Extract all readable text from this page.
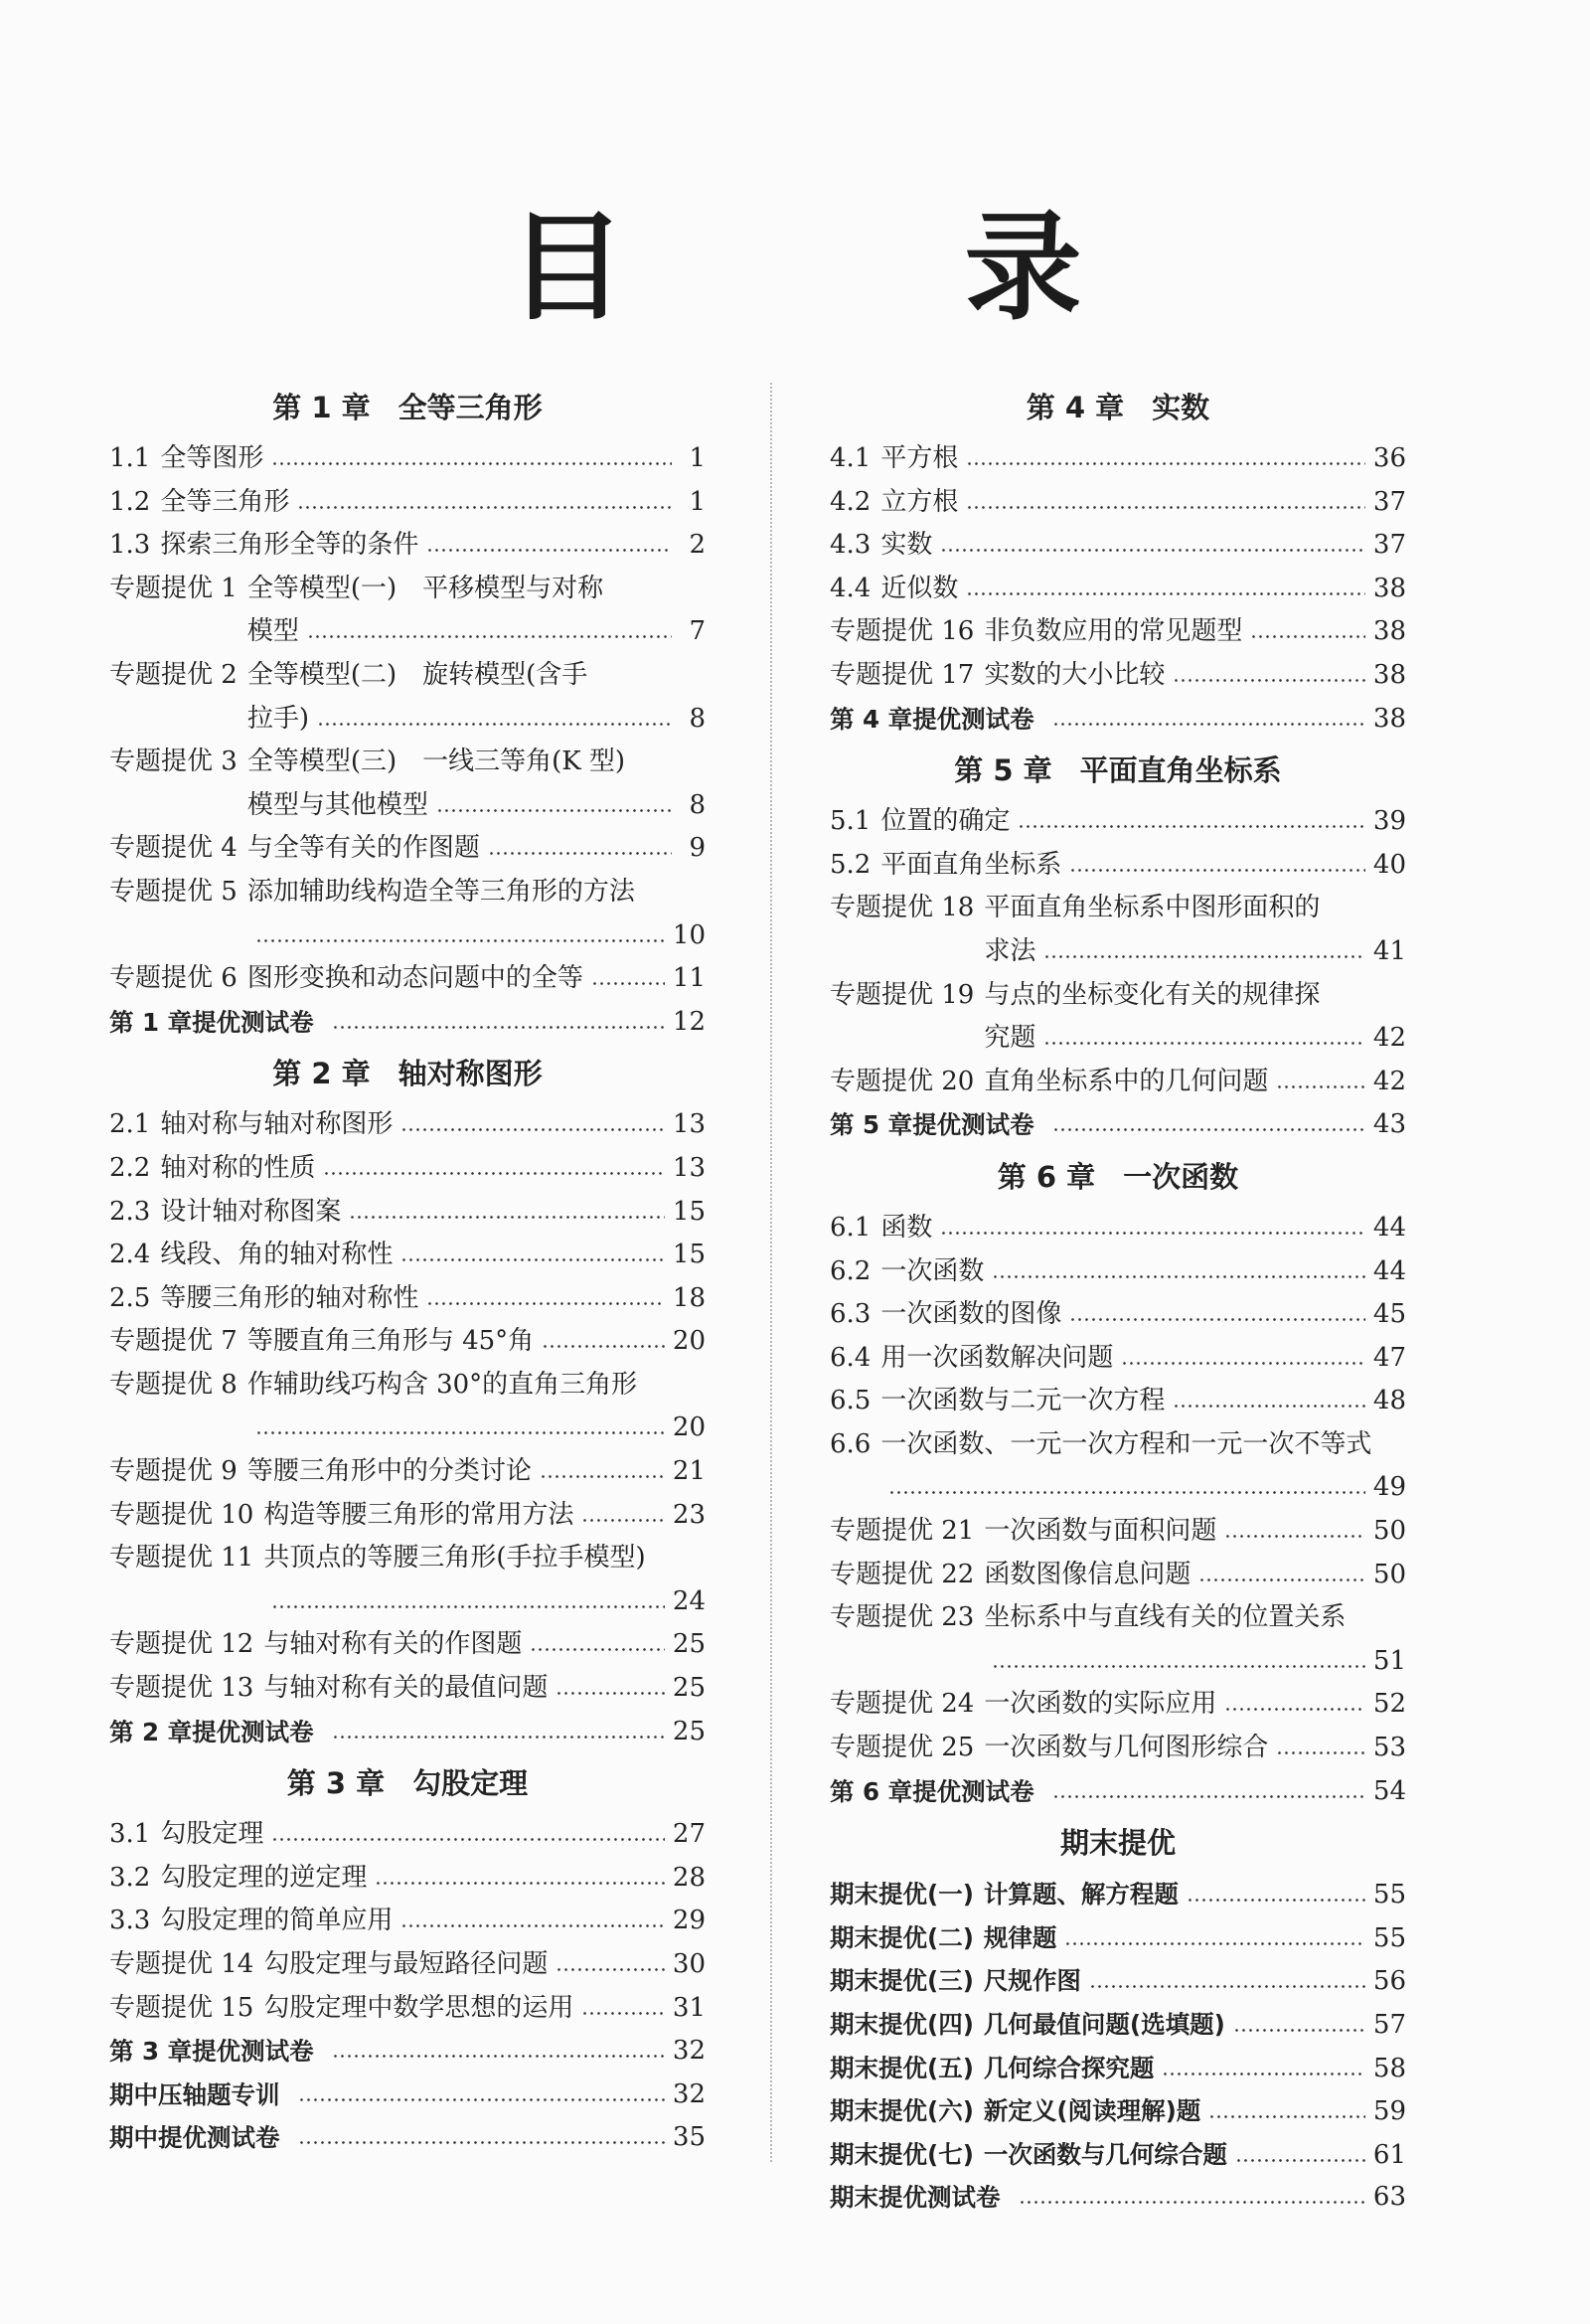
目 录
第 1 章 全等三角形
1.1 全等图形	1
1.2 全等三角形	1
1.3 探索三角形全等的条件	2
专题提优 1 全等模型(一)　平移模型与对称
模型	7
专题提优 2 全等模型(二)　旋转模型(含手
拉手)	8
专题提优 3 全等模型(三)　一线三等角(K 型)
模型与其他模型	8
专题提优 4 与全等有关的作图题	9
专题提优 5 添加辅助线构造全等三角形的方法
10
专题提优 6 图形变换和动态问题中的全等	11
第 1 章提优测试卷	12
第 2 章 轴对称图形
2.1 轴对称与轴对称图形	13
2.2 轴对称的性质	13
2.3 设计轴对称图案	15
2.4 线段、角的轴对称性	15
2.5 等腰三角形的轴对称性	18
专题提优 7 等腰直角三角形与 45°角	20
专题提优 8 作辅助线巧构含 30°的直角三角形
20
专题提优 9 等腰三角形中的分类讨论	21
专题提优 10 构造等腰三角形的常用方法	23
专题提优 11 共顶点的等腰三角形(手拉手模型)
24
专题提优 12 与轴对称有关的作图题	25
专题提优 13 与轴对称有关的最值问题	25
第 2 章提优测试卷	25
第 3 章 勾股定理
3.1 勾股定理	27
3.2 勾股定理的逆定理	28
3.3 勾股定理的简单应用	29
专题提优 14 勾股定理与最短路径问题	30
专题提优 15 勾股定理中数学思想的运用	31
第 3 章提优测试卷	32
期中压轴题专训	32
期中提优测试卷	35
第 4 章 实数
4.1 平方根	36
4.2 立方根	37
4.3 实数	37
4.4 近似数	38
专题提优 16 非负数应用的常见题型	38
专题提优 17 实数的大小比较	38
第 4 章提优测试卷	38
第 5 章 平面直角坐标系
5.1 位置的确定	39
5.2 平面直角坐标系	40
专题提优 18 平面直角坐标系中图形面积的
求法	41
专题提优 19 与点的坐标变化有关的规律探
究题	42
专题提优 20 直角坐标系中的几何问题	42
第 5 章提优测试卷	43
第 6 章 一次函数
6.1 函数	44
6.2 一次函数	44
6.3 一次函数的图像	45
6.4 用一次函数解决问题	47
6.5 一次函数与二元一次方程	48
6.6 一次函数、一元一次方程和一元一次不等式
49
专题提优 21 一次函数与面积问题	50
专题提优 22 函数图像信息问题	50
专题提优 23 坐标系中与直线有关的位置关系
51
专题提优 24 一次函数的实际应用	52
专题提优 25 一次函数与几何图形综合	53
第 6 章提优测试卷	54
期末提优
期末提优(一) 计算题、解方程题	55
期末提优(二) 规律题	55
期末提优(三) 尺规作图	56
期末提优(四) 几何最值问题(选填题)	57
期末提优(五) 几何综合探究题	58
期末提优(六) 新定义(阅读理解)题	59
期末提优(七) 一次函数与几何综合题	61
期末提优测试卷	63
